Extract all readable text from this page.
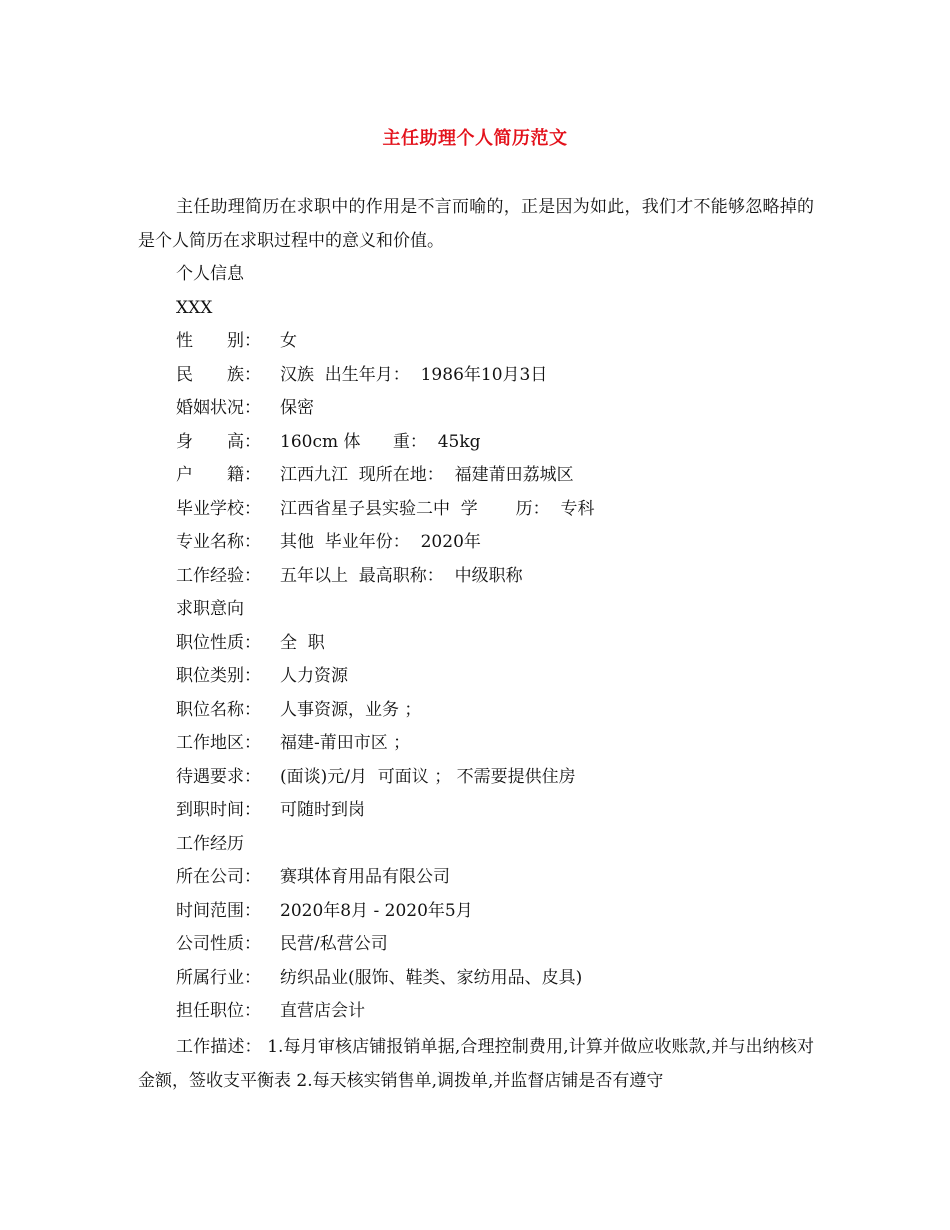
主任助理个人简历范文
主任助理简历在求职中的作用是不言而喻的，正是因为如此，我们才不能够忽略掉的是个人简历在求职过程中的意义和价值。
个人信息
XXX
性　　别：	女
民　　族：	汉族  出生年月：  1986年10月3日
婚姻状况：	保密
身　　高：	160cm 体      重：  45kg
户　　籍：	江西九江  现所在地：  福建莆田荔城区
毕业学校：	江西省星子县实验二中  学       历：  专科
专业名称：	其他  毕业年份：  2020年
工作经验：	五年以上  最高职称：  中级职称
求职意向
职位性质：	全  职
职位类别：	人力资源
职位名称：	人事资源，业务 ；
工作地区：	福建-莆田市区 ；
待遇要求：	(面谈)元/月  可面议 ； 不需要提供住房
到职时间：	可随时到岗
工作经历
所在公司：	赛琪体育用品有限公司
时间范围：	2020年8月 - 2020年5月
公司性质：	民营/私营公司
所属行业：	纺织品业(服饰、鞋类、家纺用品、皮具)
担任职位：	直营店会计
工作描述： 1.每月审核店铺报销单据,合理控制费用,计算并做应收账款,并与出纳核对金额，签收支平衡表 2.每天核实销售单,调拨单,并监督店铺是否有遵守
